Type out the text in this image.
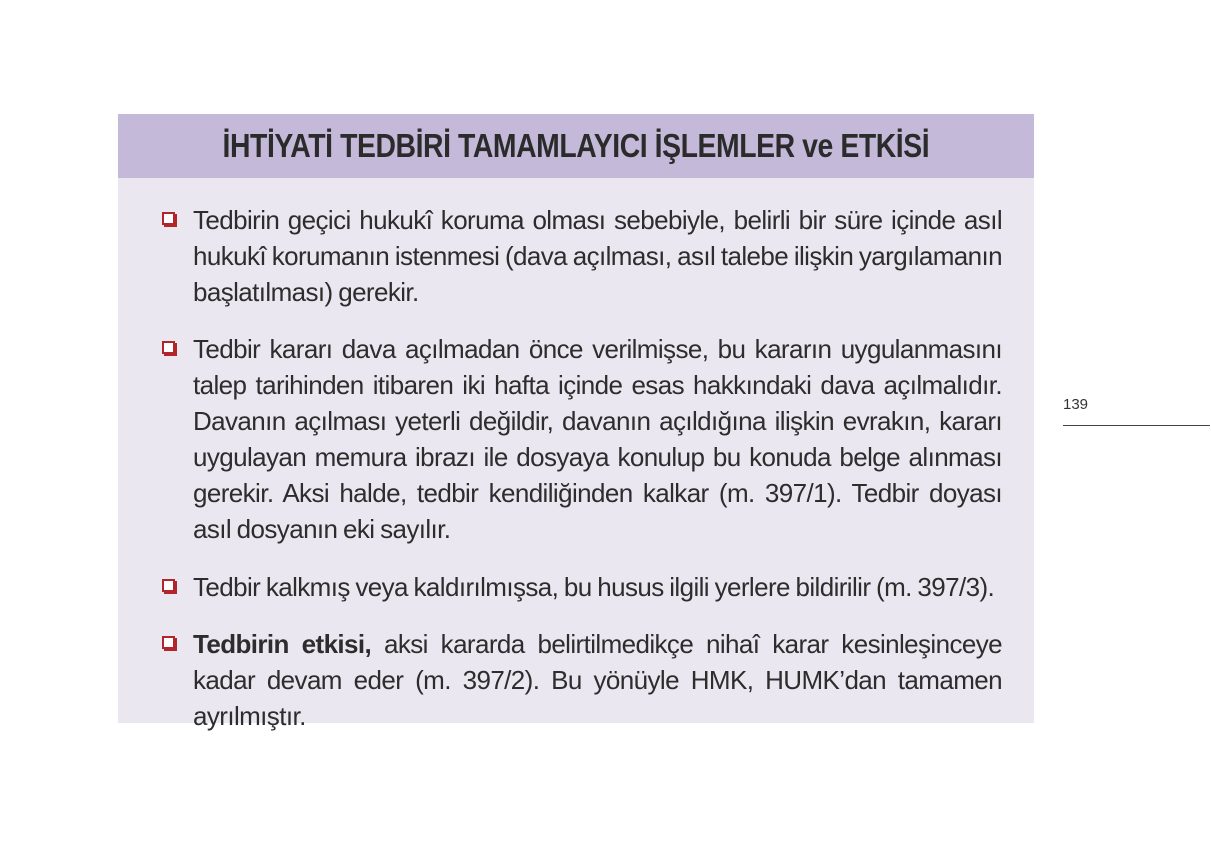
İHTİYATİ TEDBİRİ TAMAMLAYICI İŞLEMLER ve ETKİSİ
Tedbirin geçici hukukî koruma olması sebebiyle, belirli bir süre içinde asıl hukukî korumanın istenmesi (dava açılması, asıl talebe ilişkin yargılamanın başlatılması) gerekir.
Tedbir kararı dava açılmadan önce verilmişse, bu kararın uygulanmasını talep tarihinden itibaren iki hafta içinde esas hakkındaki dava açılmalıdır. Davanın açılması yeterli değildir, davanın açıldığına ilişkin evrakın, kararı uygulayan memura ibrazı ile dosyaya konulup bu konuda belge alınması gerekir. Aksi halde, tedbir kendiliğinden kalkar (m. 397/1). Tedbir doyası asıl dosyanın eki sayılır.
Tedbir kalkmış veya kaldırılmışsa, bu husus ilgili yerlere bildirilir (m. 397/3).
Tedbirin etkisi, aksi kararda belirtilmedikçe nihaî karar kesinleşinceye kadar devam eder (m. 397/2). Bu yönüyle HMK, HUMK’dan tamamen ayrılmıştır.
139
